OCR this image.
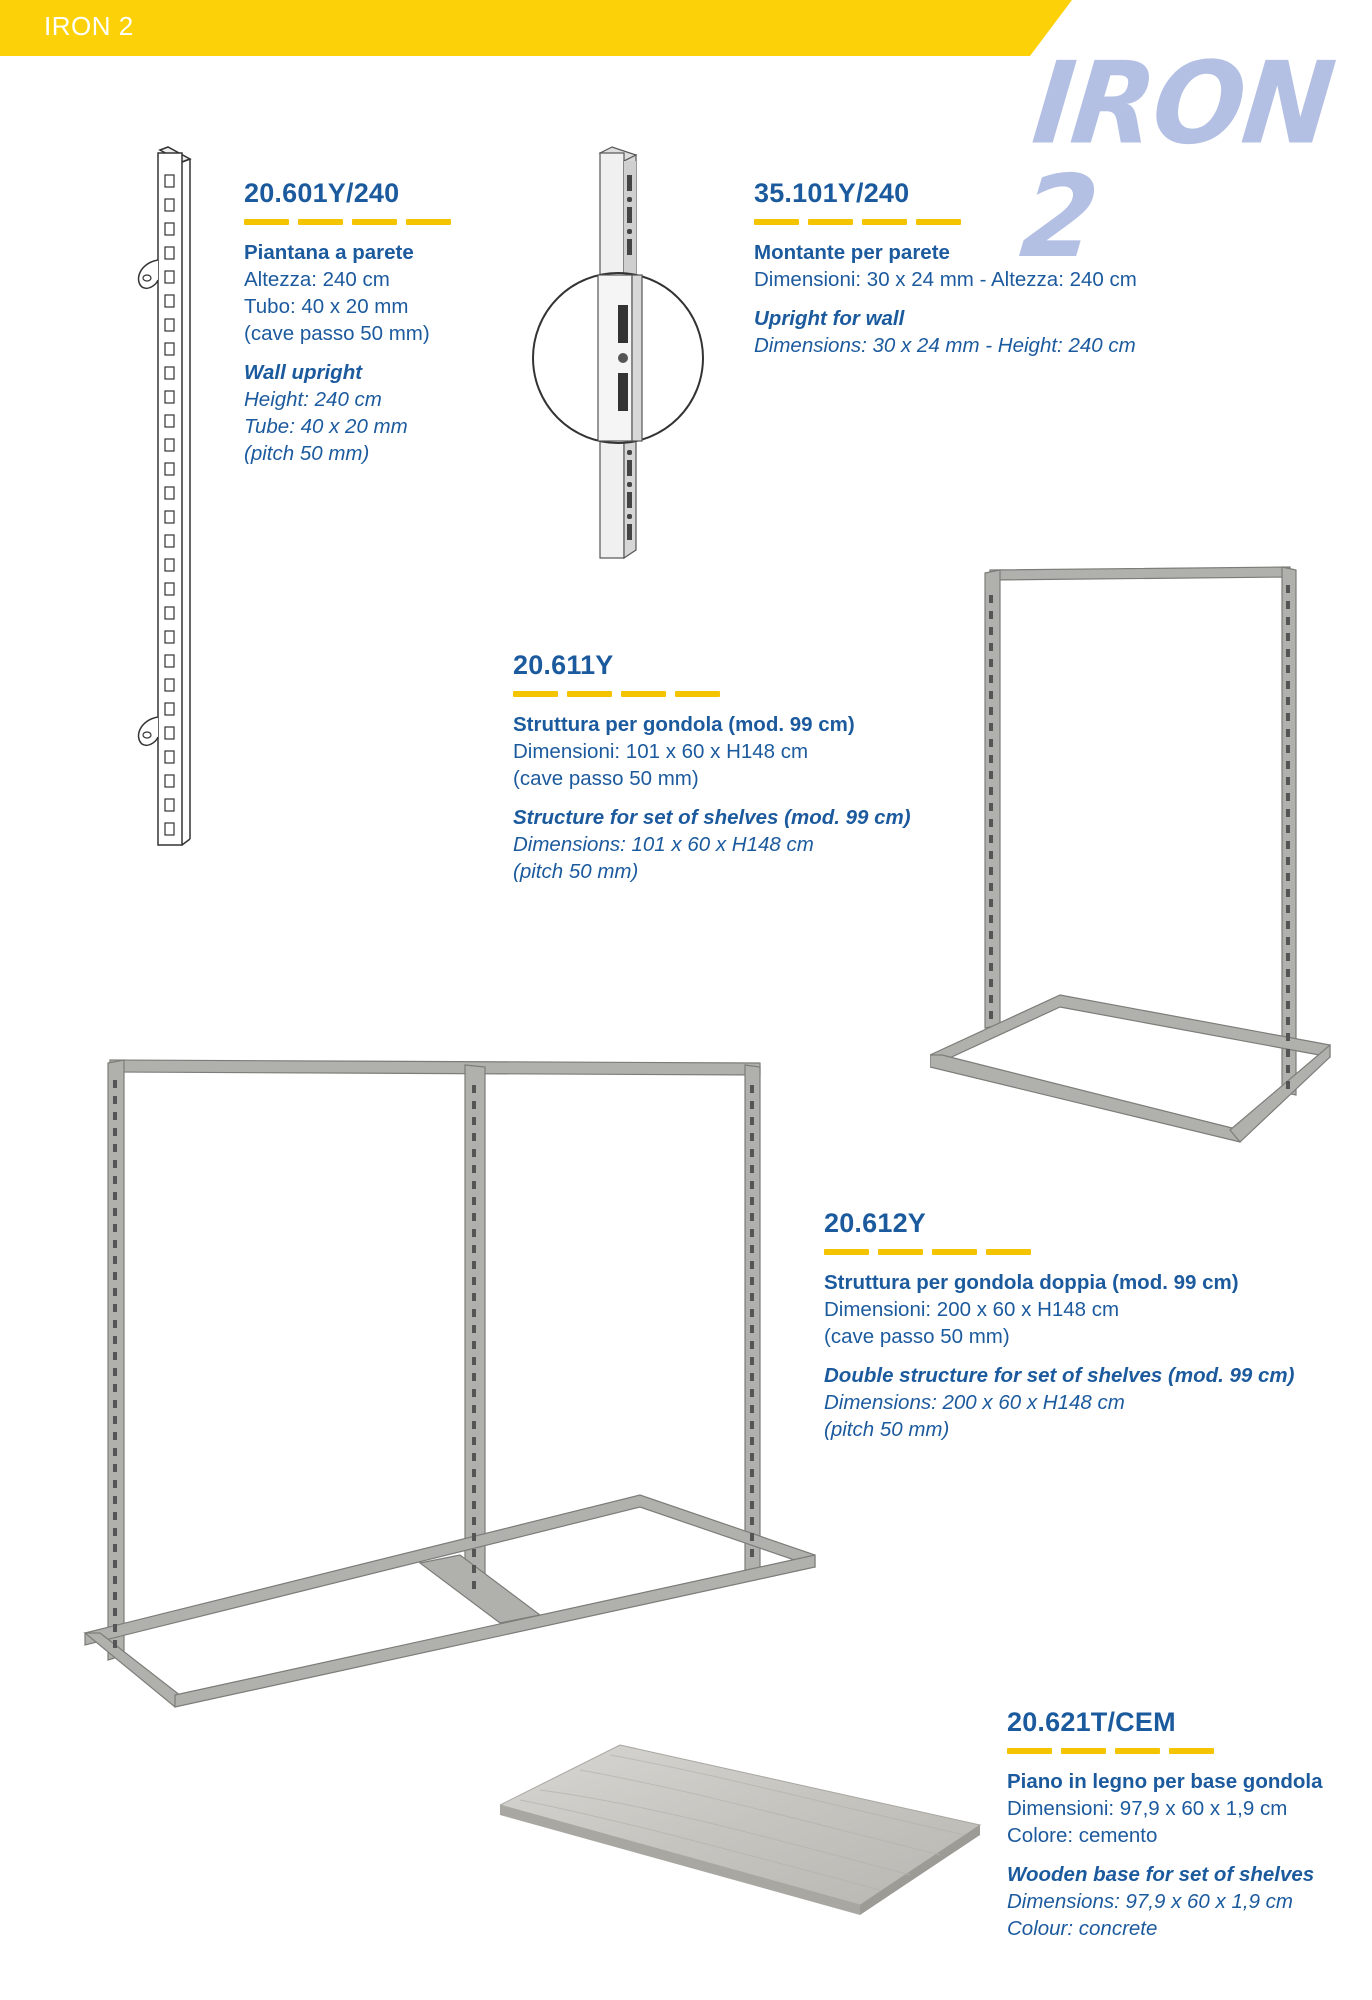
IRON 2
IRON 2
20.601Y/240
Piantana a parete
Altezza: 240 cm
Tubo: 40 x 20 mm
(cave passo 50 mm)
Wall upright
Height: 240 cm
Tube: 40 x 20 mm
(pitch 50 mm)
35.101Y/240
Montante per parete
Dimensioni: 30 x 24 mm - Altezza: 240 cm
Upright for wall
Dimensions: 30 x 24 mm - Height: 240 cm
20.611Y
Struttura per gondola (mod. 99 cm)
Dimensioni: 101 x 60 x H148 cm
(cave passo 50 mm)
Structure for set of shelves (mod. 99 cm)
Dimensions: 101 x 60 x H148 cm
(pitch 50 mm)
20.612Y
Struttura per gondola doppia (mod. 99 cm)
Dimensioni: 200 x 60 x H148 cm
(cave passo 50 mm)
Double structure for set of shelves (mod. 99 cm)
Dimensions: 200 x 60 x H148 cm
(pitch 50 mm)
20.621T/CEM
Piano in legno per base gondola
Dimensioni: 97,9 x 60 x 1,9 cm
Colore: cemento
Wooden base for set of shelves
Dimensions: 97,9 x 60 x 1,9 cm
Colour: concrete
